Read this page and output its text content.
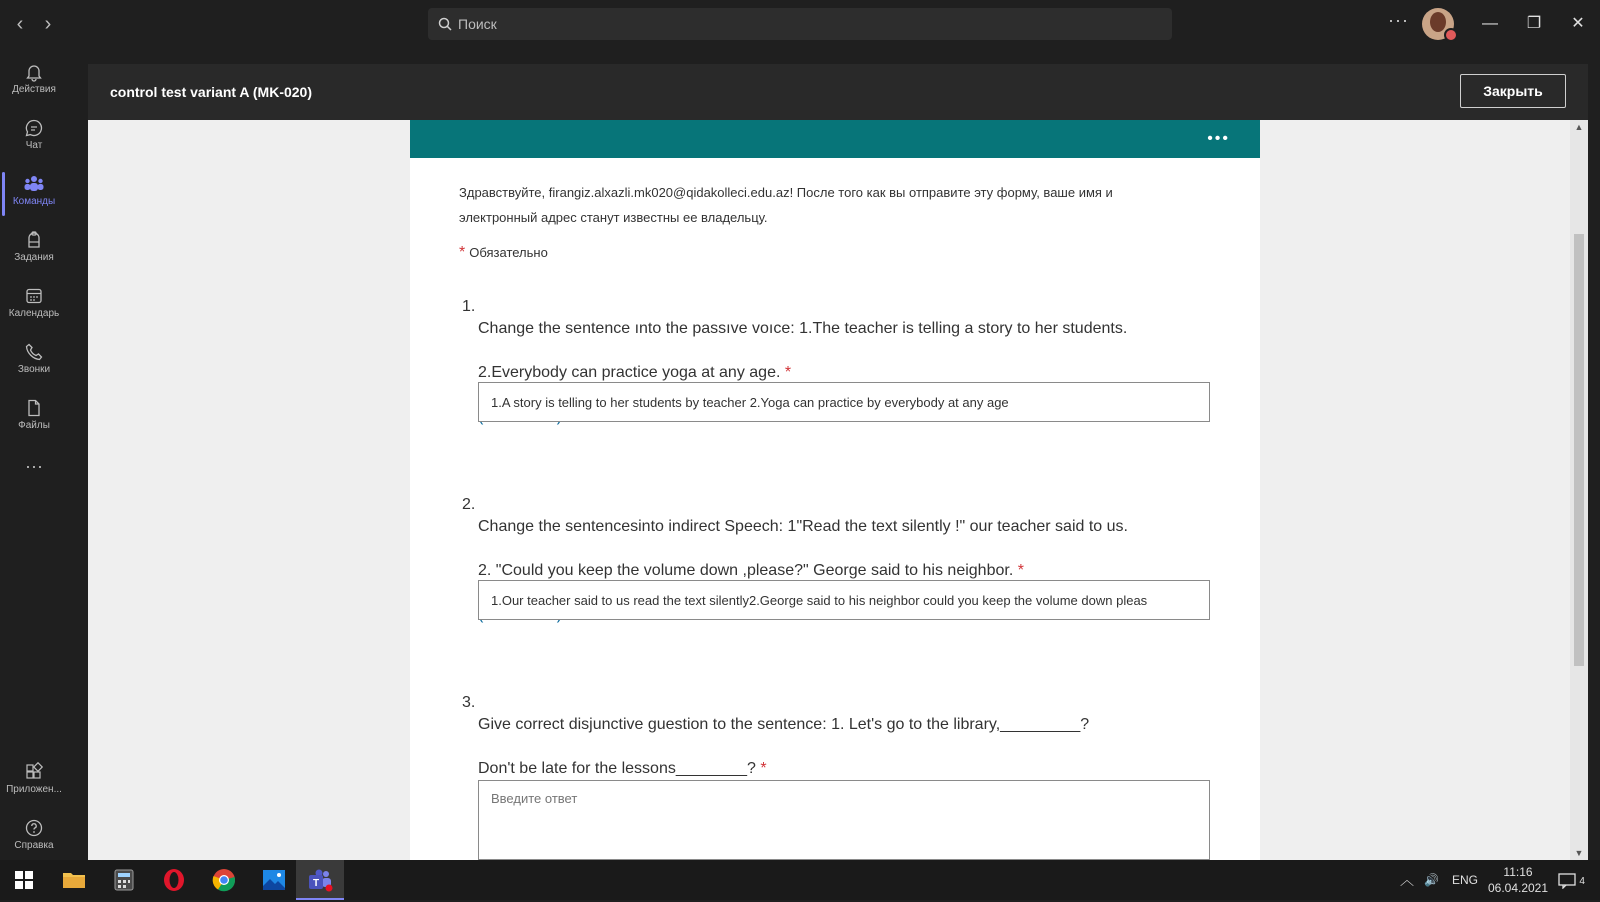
‹	›	Поиск	···	—	❐	✕
Действия
Чат
Команды
Задания
Календарь
Звонки
Файлы
···
Приложен...
Справка
control test variant A (MK-020)	Закрыть
•••
Здравствуйте, firangiz.alxazli.mk020@qidakolleci.edu.az! После того как вы отправите эту форму, ваше имя и
электронный адрес станут известны ее владельцу.
* Обязательно
1.

Change the sentence ınto the passıve voıce: 1.The teacher is telling a story to her students.

2.Everybody can practice yoga at any age. *

1.A story is telling to her students by teacher 2.Yoga can practice by everybody at any age
2.

Change the sentencesinto indirect Speech: 1"Read the text silently !" our teacher said to us.

2. "Could you keep the volume down ,please?" George said to his neighbor. *

1.Our teacher said to us read the text silently2.George said to his neighbor could you keep the volume down pleas
3.

Give correct disjunctive guestion to the sentence: 1. Let's go to the library,_________?

Don't be late for the lessons________? *

Введите ответ
▲
▼
T	︿ 🔊 ENG
11:16
06.04.2021	4
